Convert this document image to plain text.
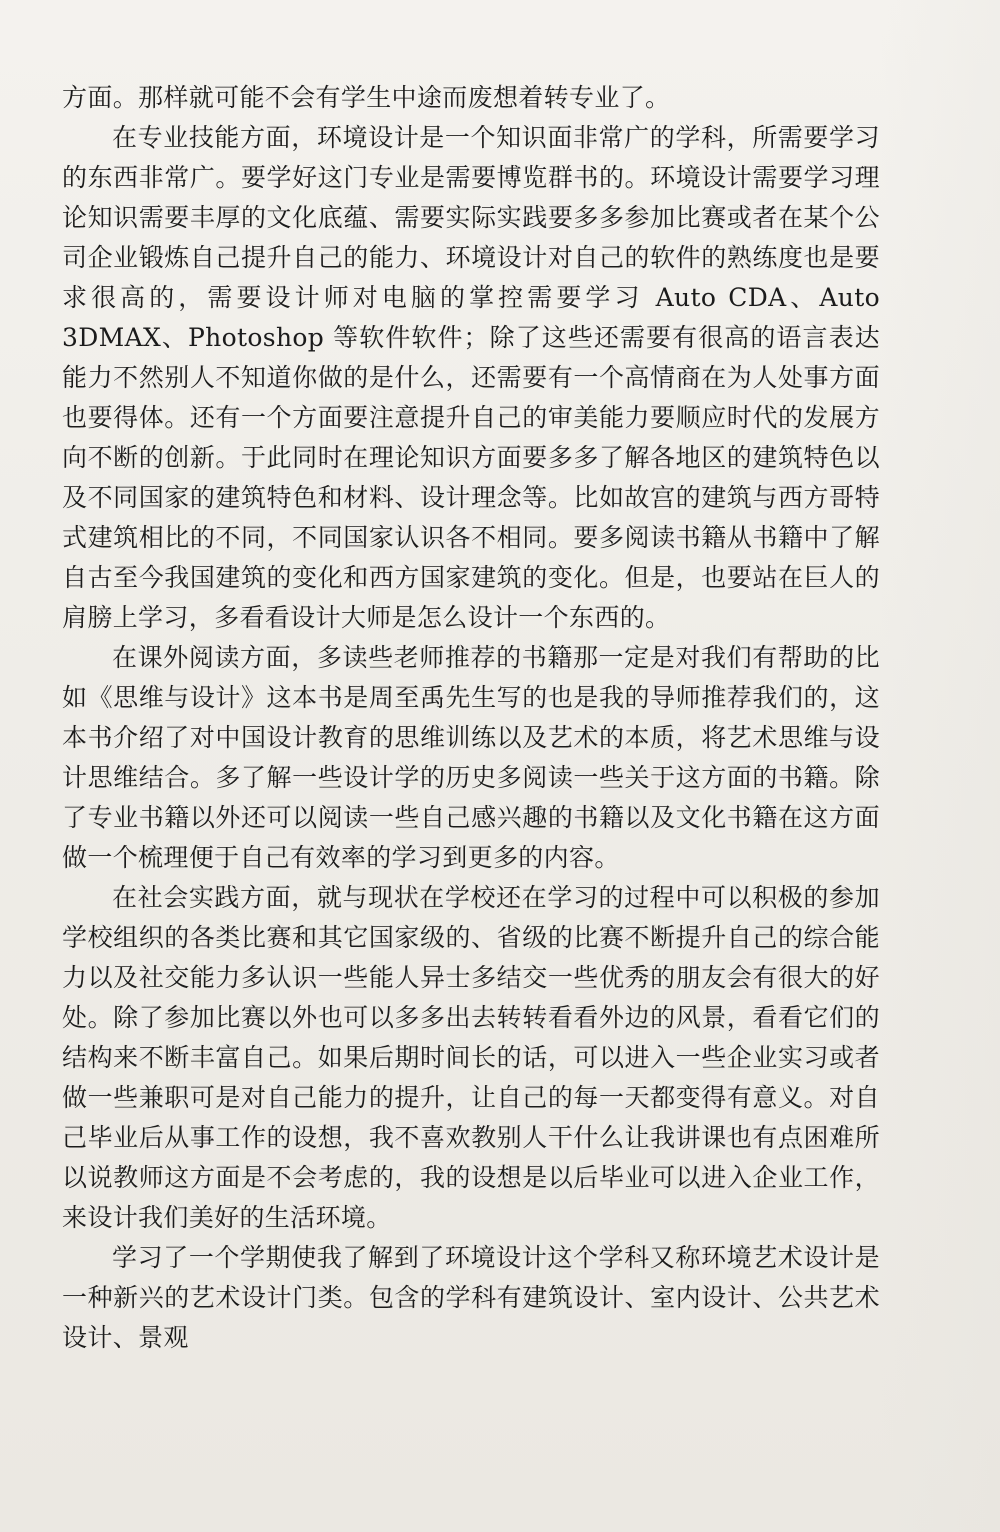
方面。那样就可能不会有学生中途而废想着转专业了。

在专业技能方面，环境设计是一个知识面非常广的学科，所需要学习的东西非常广。要学好这门专业是需要博览群书的。环境设计需要学习理论知识需要丰厚的文化底蕴、需要实际实践要多多参加比赛或者在某个公司企业锻炼自己提升自己的能力、环境设计对自己的软件的熟练度也是要求很高的，需要设计师对电脑的掌控需要学习 Auto CDA、Auto 3DMAX、Photoshop 等软件软件；除了这些还需要有很高的语言表达能力不然别人不知道你做的是什么，还需要有一个高情商在为人处事方面也要得体。还有一个方面要注意提升自己的审美能力要顺应时代的发展方向不断的创新。于此同时在理论知识方面要多多了解各地区的建筑特色以及不同国家的建筑特色和材料、设计理念等。比如故宫的建筑与西方哥特式建筑相比的不同，不同国家认识各不相同。要多阅读书籍从书籍中了解自古至今我国建筑的变化和西方国家建筑的变化。但是，也要站在巨人的肩膀上学习，多看看设计大师是怎么设计一个东西的。

在课外阅读方面，多读些老师推荐的书籍那一定是对我们有帮助的比如《思维与设计》这本书是周至禹先生写的也是我的导师推荐我们的，这本书介绍了对中国设计教育的思维训练以及艺术的本质，将艺术思维与设计思维结合。多了解一些设计学的历史多阅读一些关于这方面的书籍。除了专业书籍以外还可以阅读一些自己感兴趣的书籍以及文化书籍在这方面做一个梳理便于自己有效率的学习到更多的内容。

在社会实践方面，就与现状在学校还在学习的过程中可以积极的参加学校组织的各类比赛和其它国家级的、省级的比赛不断提升自己的综合能力以及社交能力多认识一些能人异士多结交一些优秀的朋友会有很大的好处。除了参加比赛以外也可以多多出去转转看看外边的风景，看看它们的结构来不断丰富自己。如果后期时间长的话，可以进入一些企业实习或者做一些兼职可是对自己能力的提升，让自己的每一天都变得有意义。对自己毕业后从事工作的设想，我不喜欢教别人干什么让我讲课也有点困难所以说教师这方面是不会考虑的，我的设想是以后毕业可以进入企业工作，来设计我们美好的生活环境。

学习了一个学期使我了解到了环境设计这个学科又称环境艺术设计是一种新兴的艺术设计门类。包含的学科有建筑设计、室内设计、公共艺术设计、景观
